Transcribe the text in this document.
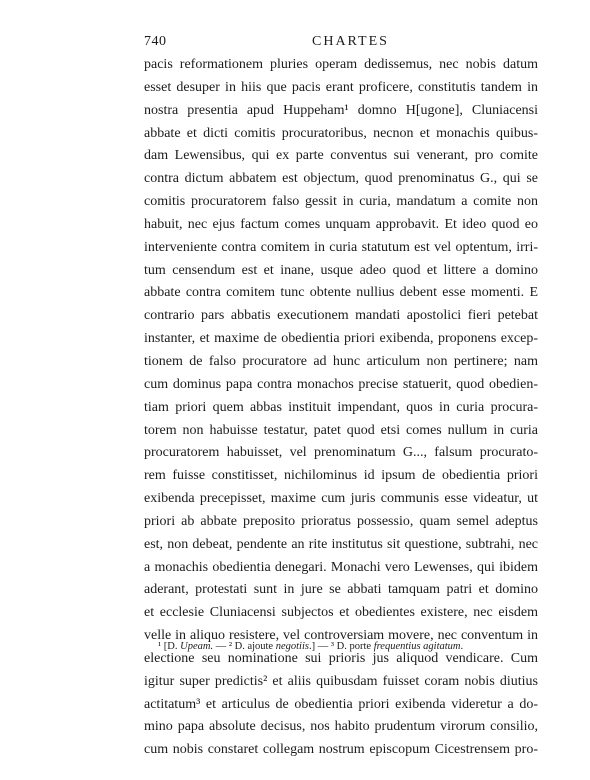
740	CHARTES
pacis reformationem pluries operam dedissemus, nec nobis datum
esset desuper in hiis que pacis erant proficere, constitutis tandem in
nostra presentia apud Huppeham¹ domno H[ugone], Cluniacensi
abbate et dicti comitis procuratoribus, necnon et monachis quibus-
dam Lewensibus, qui ex parte conventus sui venerant, pro comite
contra dictum abbatem est objectum, quod prenominatus G., qui se
comitis procuratorem falso gessit in curia, mandatum a comite non
habuit, nec ejus factum comes unquam approbavit. Et ideo quod eo
interveniente contra comitem in curia statutum est vel optentum, irri-
tum censendum est et inane, usque adeo quod et littere a domino
abbate contra comitem tunc obtente nullius debent esse momenti. E
contrario pars abbatis executionem mandati apostolici fieri petebat
instanter, et maxime de obedientia priori exibenda, proponens excep-
tionem de falso procuratore ad hunc articulum non pertinere; nam
cum dominus papa contra monachos precise statuerit, quod obedien-
tiam priori quem abbas instituit impendant, quos in curia procura-
torem non habuisse testatur, patet quod etsi comes nullum in curia
procuratorem habuisset, vel prenominatum G..., falsum procurato-
rem fuisse constitisset, nichilominus id ipsum de obedientia priori
exibenda precepisset, maxime cum juris communis esse videatur, ut
priori ab abbate preposito prioratus possessio, quam semel adeptus
est, non debeat, pendente an rite institutus sit questione, subtrahi, nec
a monachis obedientia denegari. Monachi vero Lewenses, qui ibidem
aderant, protestati sunt in jure se abbati tamquam patri et domino
et ecclesie Cluniacensi subjectos et obedientes existere, nec eisdem
velle in aliquo resistere, vel controversiam movere, nec conventum in
electione seu nominatione sui prioris jus aliquod vendicare. Cum
igitur super predictis² et aliis quibusdam fuisset coram nobis diutius
actitatum³ et articulus de obedientia priori exibenda videretur a do-
mino papa absolute decisus, nos habito prudentum virorum consilio,
cum nobis constaret collegam nostrum episcopum Cicestrensem pro-
¹ [D. Upeam. — ² D. ajoute negotiis.] — ³ D. porte frequentius agitatum.
